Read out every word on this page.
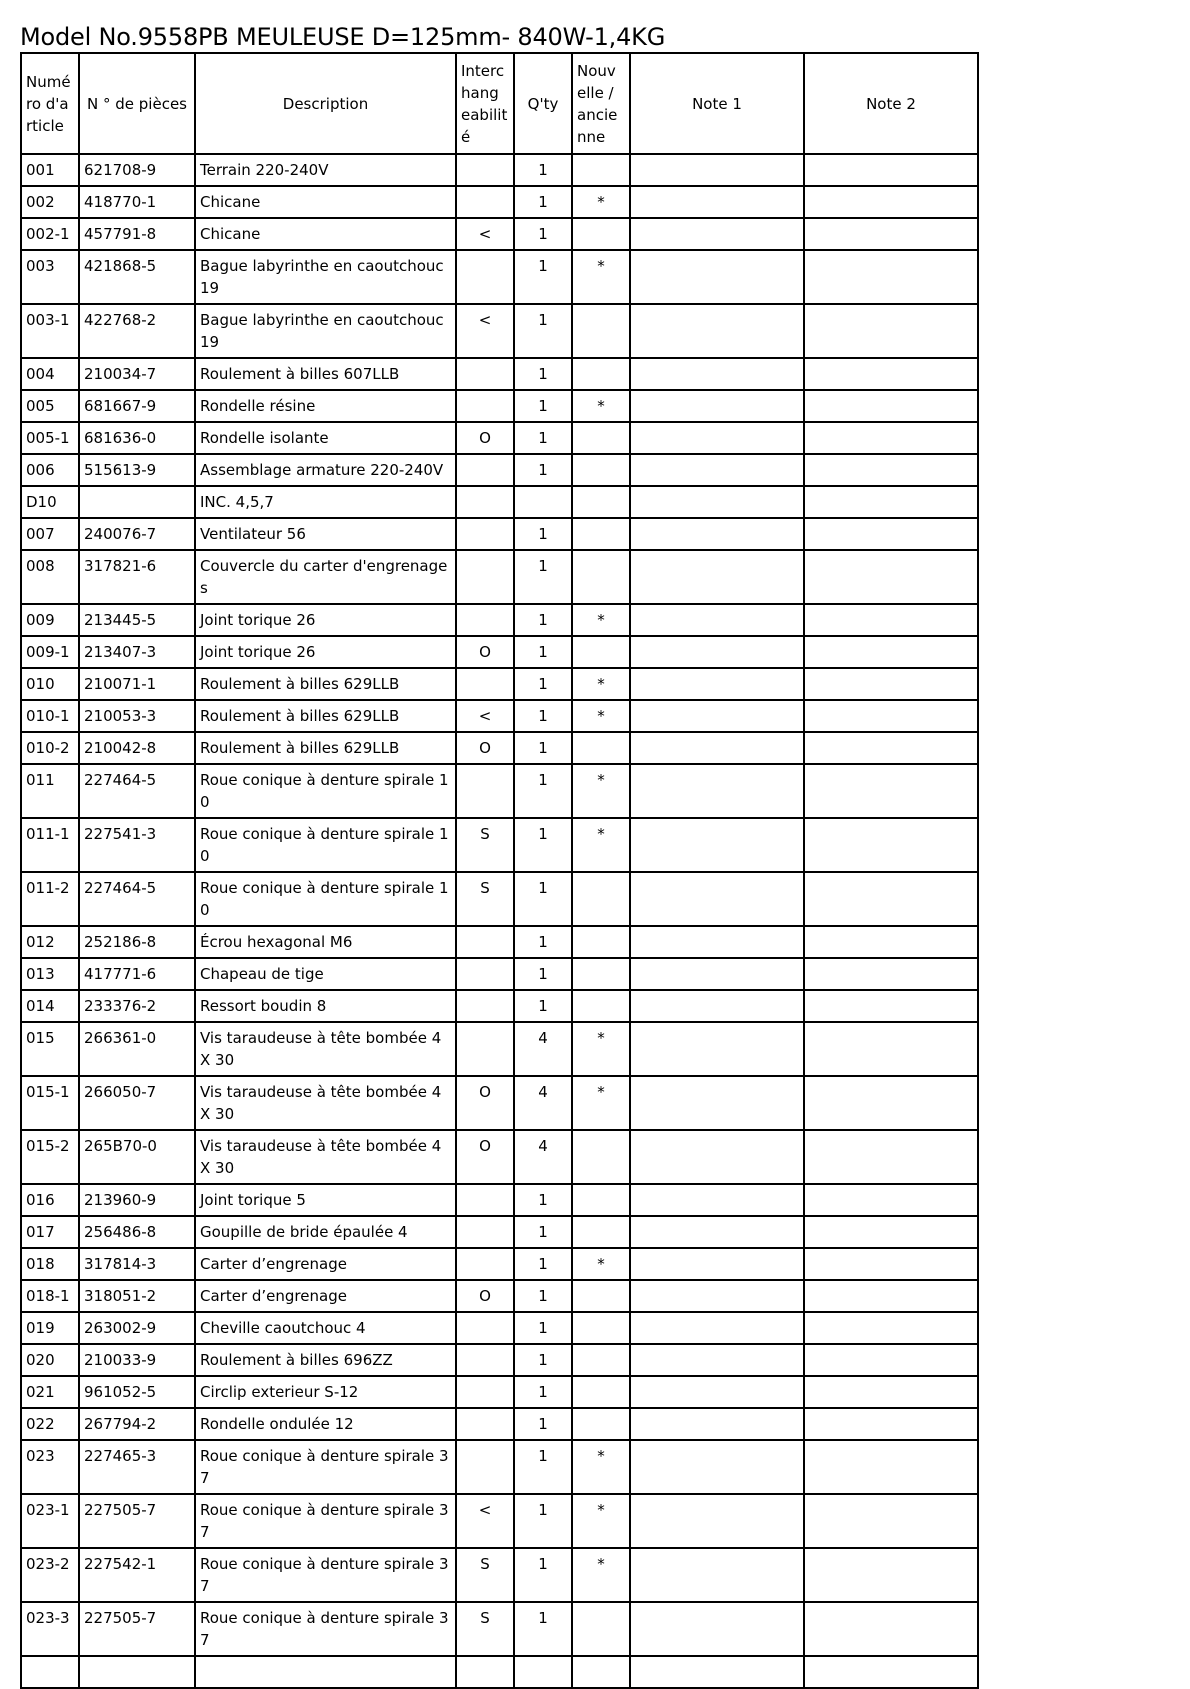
Model No.9558PB MEULEUSE D=125mm- 840W-1,4KG
Numé ro d'a rticle	N ° de pièces	Description	Interc hang eabilit é	Q'ty	Nouv elle / ancie nne	Note 1	Note 2
001	621708-9	Terrain 220-240V		1			
002	418770-1	Chicane		1	*		
002-1	457791-8	Chicane	<	1			
003	421868-5	Bague labyrinthe en caoutchouc 19		1	*		
003-1	422768-2	Bague labyrinthe en caoutchouc 19	<	1			
004	210034-7	Roulement à billes 607LLB		1			
005	681667-9	Rondelle résine		1	*		
005-1	681636-0	Rondelle isolante	O	1			
006	515613-9	Assemblage armature 220-240V		1			
D10		INC. 4,5,7					
007	240076-7	Ventilateur 56		1			
008	317821-6	Couvercle du carter d'engrenage s		1			
009	213445-5	Joint torique 26		1	*		
009-1	213407-3	Joint torique 26	O	1			
010	210071-1	Roulement à billes 629LLB		1	*		
010-1	210053-3	Roulement à billes 629LLB	<	1	*		
010-2	210042-8	Roulement à billes 629LLB	O	1			
011	227464-5	Roue conique à denture spirale 1 0		1	*		
011-1	227541-3	Roue conique à denture spirale 1 0	S	1	*		
011-2	227464-5	Roue conique à denture spirale 1 0	S	1			
012	252186-8	Écrou hexagonal M6		1			
013	417771-6	Chapeau de tige		1			
014	233376-2	Ressort boudin 8		1			
015	266361-0	Vis taraudeuse à tête bombée 4X 30		4	*		
015-1	266050-7	Vis taraudeuse à tête bombée 4X 30	O	4	*		
015-2	265B70-0	Vis taraudeuse à tête bombée 4X 30	O	4			
016	213960-9	Joint torique 5		1			
017	256486-8	Goupille de bride épaulée 4		1			
018	317814-3	Carter d’engrenage		1	*		
018-1	318051-2	Carter d’engrenage	O	1			
019	263002-9	Cheville caoutchouc 4		1			
020	210033-9	Roulement à billes 696ZZ		1			
021	961052-5	Circlip exterieur S-12		1			
022	267794-2	Rondelle ondulée 12		1			
023	227465-3	Roue conique à denture spirale 3 7		1	*		
023-1	227505-7	Roue conique à denture spirale 3 7	<	1	*		
023-2	227542-1	Roue conique à denture spirale 3 7	S	1	*		
023-3	227505-7	Roue conique à denture spirale 3 7	S	1			
